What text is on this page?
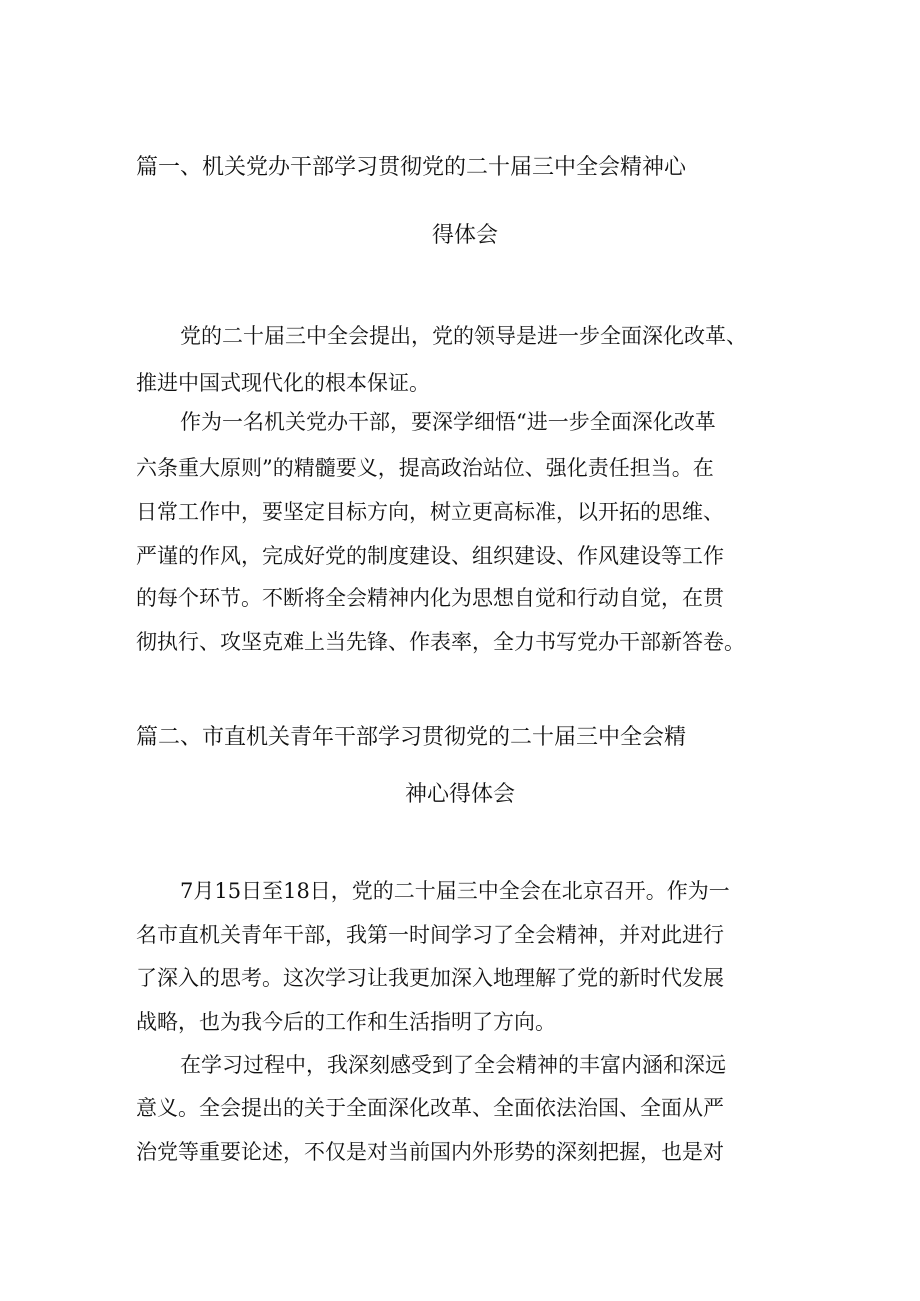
篇一、机关党办干部学习贯彻党的二十届三中全会精神心
得体会
党的二十届三中全会提出，党的领导是进一步全面深化改革、
推进中国式现代化的根本保证。
作为一名机关党办干部，要深学细悟“进一步全面深化改革
六条重大原则”的精髓要义，提高政治站位、强化责任担当。在
日常工作中，要坚定目标方向，树立更高标准，以开拓的思维、
严谨的作风，完成好党的制度建设、组织建设、作风建设等工作
的每个环节。不断将全会精神内化为思想自觉和行动自觉，在贯
彻执行、攻坚克难上当先锋、作表率，全力书写党办干部新答卷。
篇二、市直机关青年干部学习贯彻党的二十届三中全会精
神心得体会
7月15日至18日，党的二十届三中全会在北京召开。作为一
名市直机关青年干部，我第一时间学习了全会精神，并对此进行
了深入的思考。这次学习让我更加深入地理解了党的新时代发展
战略，也为我今后的工作和生活指明了方向。
在学习过程中，我深刻感受到了全会精神的丰富内涵和深远
意义。全会提出的关于全面深化改革、全面依法治国、全面从严
治党等重要论述，不仅是对当前国内外形势的深刻把握，也是对
